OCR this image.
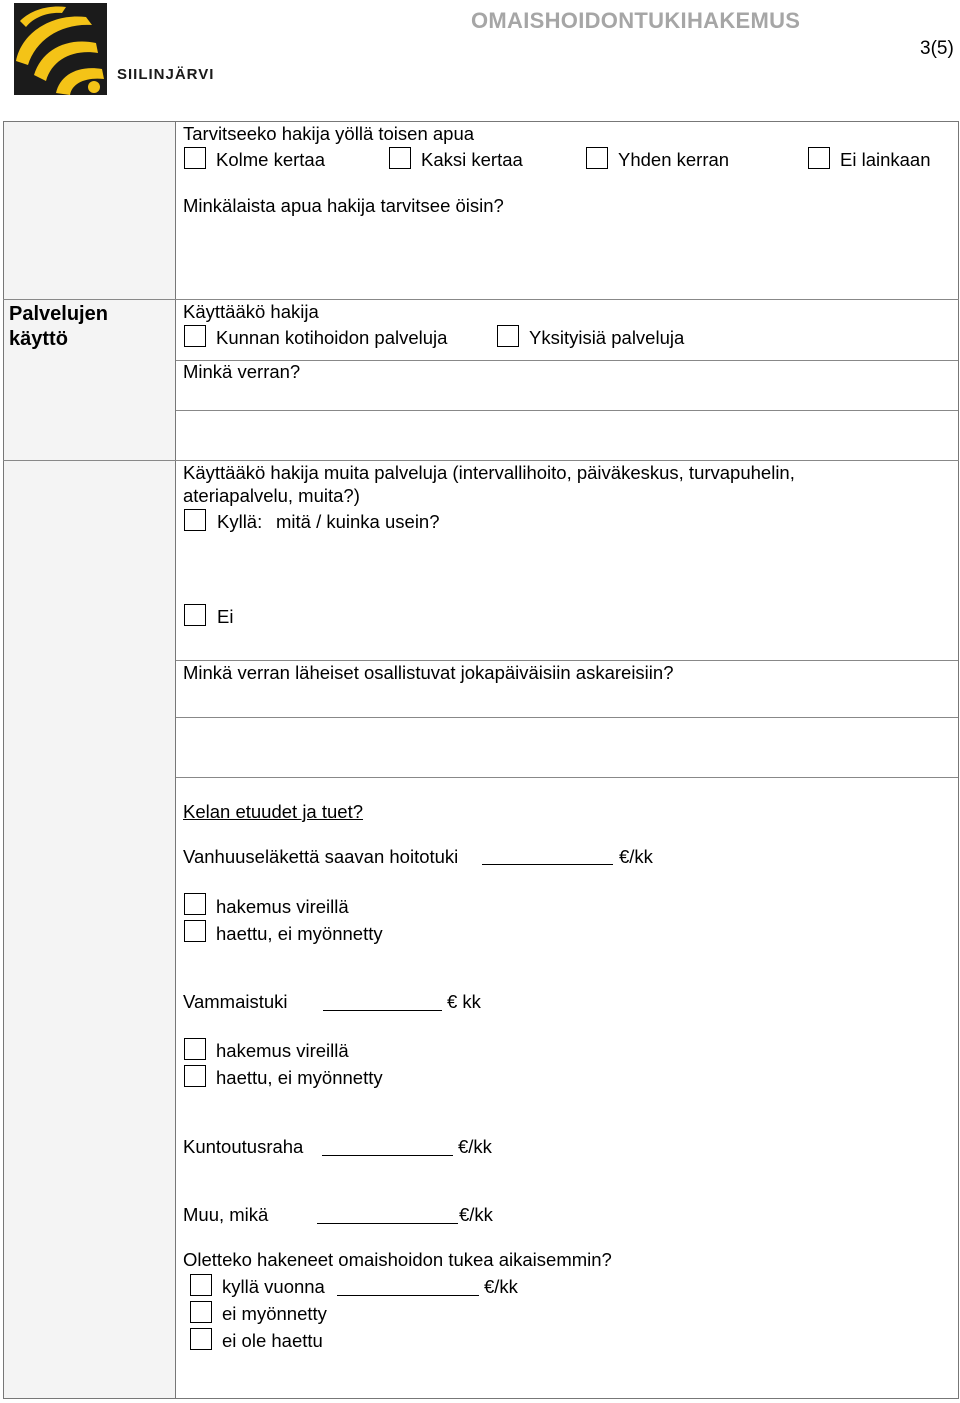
SIILINJÄRVI
OMAISHOIDONTUKIHAKEMUS
3(5)
Tarvitseeko hakija yöllä toisen apua
Kolme kertaa	Kaksi kertaa	Yhden kerran	Ei lainkaan
Minkälaista apua hakija tarvitsee öisin?
Palvelujen käyttö
Käyttääkö hakija
Kunnan kotihoidon palveluja	Yksityisiä palveluja
Minkä verran?
Käyttääkö hakija muita palveluja (intervallihoito, päiväkeskus, turvapuhelin,
ateriapalvelu, muita?)
Kyllä: mitä / kuinka usein?
Ei
Minkä verran läheiset osallistuvat jokapäiväisiin askareisiin?
Kelan etuudet ja tuet?
Vanhuuseläkettä saavan hoitotuki	€/kk
hakemus vireillä
haettu, ei myönnetty
Vammaistuki	€ kk
hakemus vireillä
haettu, ei myönnetty
Kuntoutusraha	€/kk
Muu, mikä	€/kk
Oletteko hakeneet omaishoidon tukea aikaisemmin?
kyllä vuonna	€/kk
ei myönnetty
ei ole haettu
